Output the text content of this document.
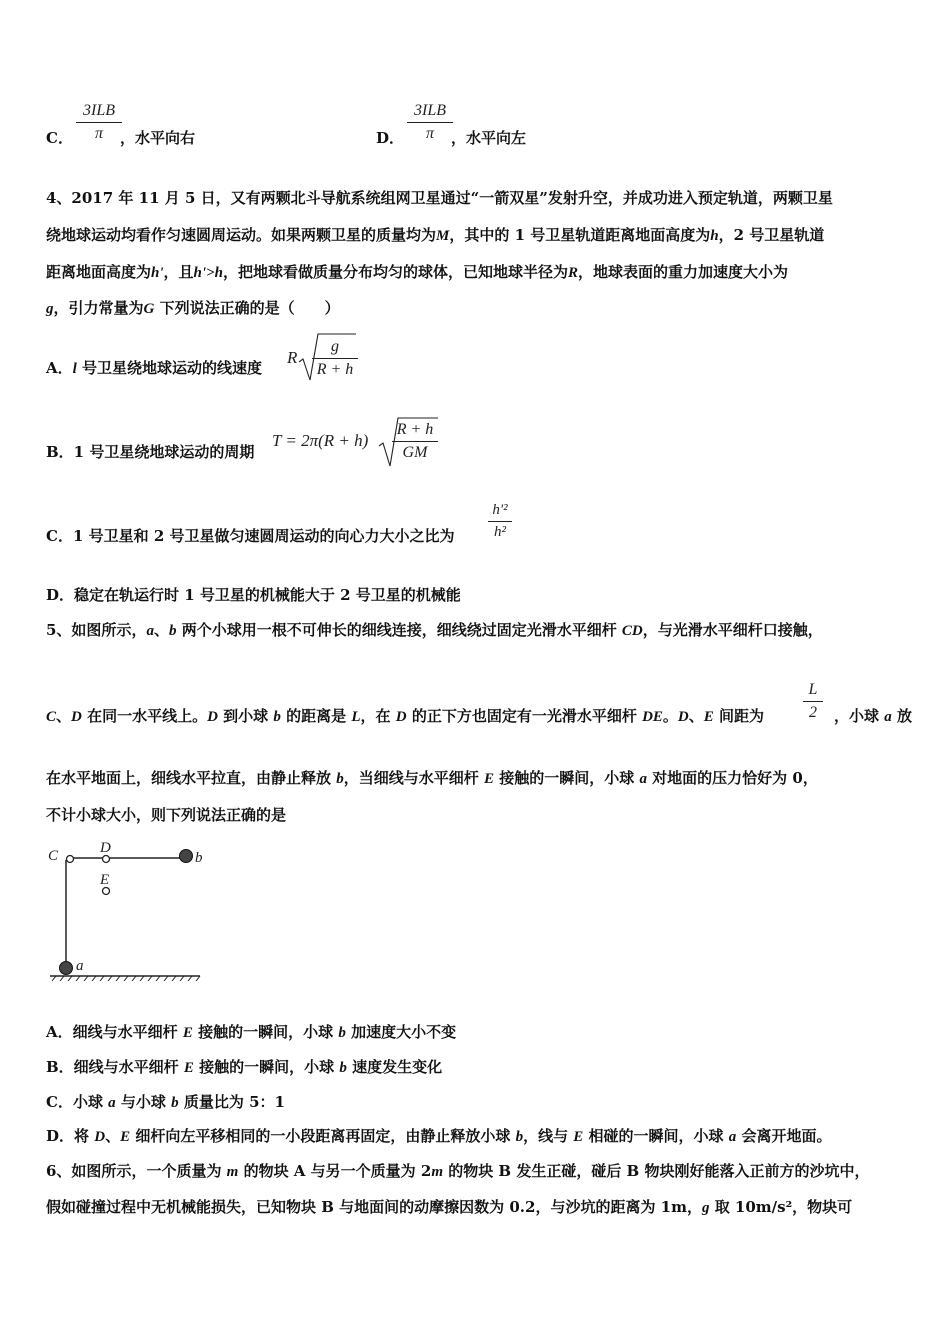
C．
3ILB
π	，水平向右	D．
3ILB
π	，水平向左
4、2017 年 11 月 5 日，又有两颗北斗导航系统组网卫星通过“一箭双星”发射升空，并成功进入预定轨道，两颗卫星
绕地球运动均看作匀速圆周运动。如果两颗卫星的质量均为M，其中的 1 号卫星轨道距离地面高度为h，2 号卫星轨道
距离地面高度为h'，且h'>h，把地球看做质量分布均匀的球体，已知地球半径为R，地球表面的重力加速度大小为
g，引力常量为G 下列说法正确的是（　　）
A．l 号卫星绕地球运动的线速度
R
g
R + h
B．1 号卫星绕地球运动的周期
T = 2π(R + h)
R + h
GM
C．1 号卫星和 2 号卫星做匀速圆周运动的向心力大小之比为
h'²
h²
D．稳定在轨运行时 1 号卫星的机械能大于 2 号卫星的机械能
5、如图所示，a、b 两个小球用一根不可伸长的细线连接，细线绕过固定光滑水平细杆 CD，与光滑水平细杆口接触，
C、D 在同一水平线上。D 到小球 b 的距离是 L，在 D 的正下方也固定有一光滑水平细杆 DE。D、E 间距为
L
2	，小球 a 放
在水平地面上，细线水平拉直，由静止释放 b，当细线与水平细杆 E 接触的一瞬间，小球 a 对地面的压力恰好为 0，
不计小球大小，则下列说法正确的是
C	D
E
b
a
A．细线与水平细杆 E 接触的一瞬间，小球 b 加速度大小不变
B．细线与水平细杆 E 接触的一瞬间，小球 b 速度发生变化
C．小球 a 与小球 b 质量比为 5：1
D．将 D、E 细杆向左平移相同的一小段距离再固定，由静止释放小球 b，线与 E 相碰的一瞬间，小球 a 会离开地面。
6、如图所示，一个质量为 m 的物块 A 与另一个质量为 2m 的物块 B 发生正碰，碰后 B 物块刚好能落入正前方的沙坑中，
假如碰撞过程中无机械能损失，已知物块 B 与地面间的动摩擦因数为 0.2，与沙坑的距离为 1m，g 取 10m/s²，物块可
